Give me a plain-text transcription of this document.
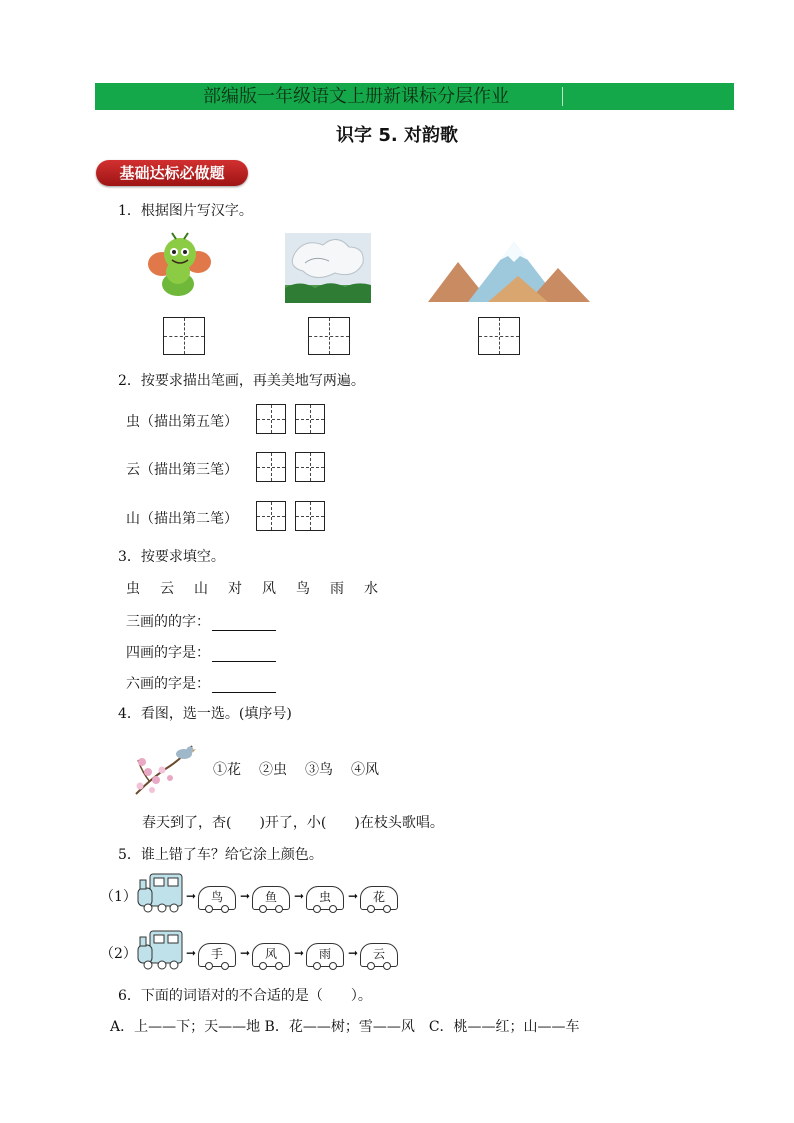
部编版一年级语文上册新课标分层作业
识字 5. 对韵歌
基础达标必做题
1．根据图片写汉字。
2．按要求描出笔画，再美美地写两遍。
虫（描出第五笔）
云（描出第三笔）
山（描出第二笔）
3．按要求填空。
虫 云 山 对 风 鸟 雨 水
三画的的字：
四画的字是：
六画的字是：
4．看图，选一选。(填序号)
①花 ②虫 ③鸟 ④风
春天到了，杏(　　)开了，小(　　)在枝头歌唱。
5．谁上错了车？给它涂上颜色。
（1）	➞	鸟	➞	鱼	➞	虫	➞	花
（2）	➞	手	➞	风	➞	雨	➞	云
6．下面的词语对的不合适的是（　　）。
A．上——下；天——地 B．花——树；雪——风　C．桃——红；山——车
